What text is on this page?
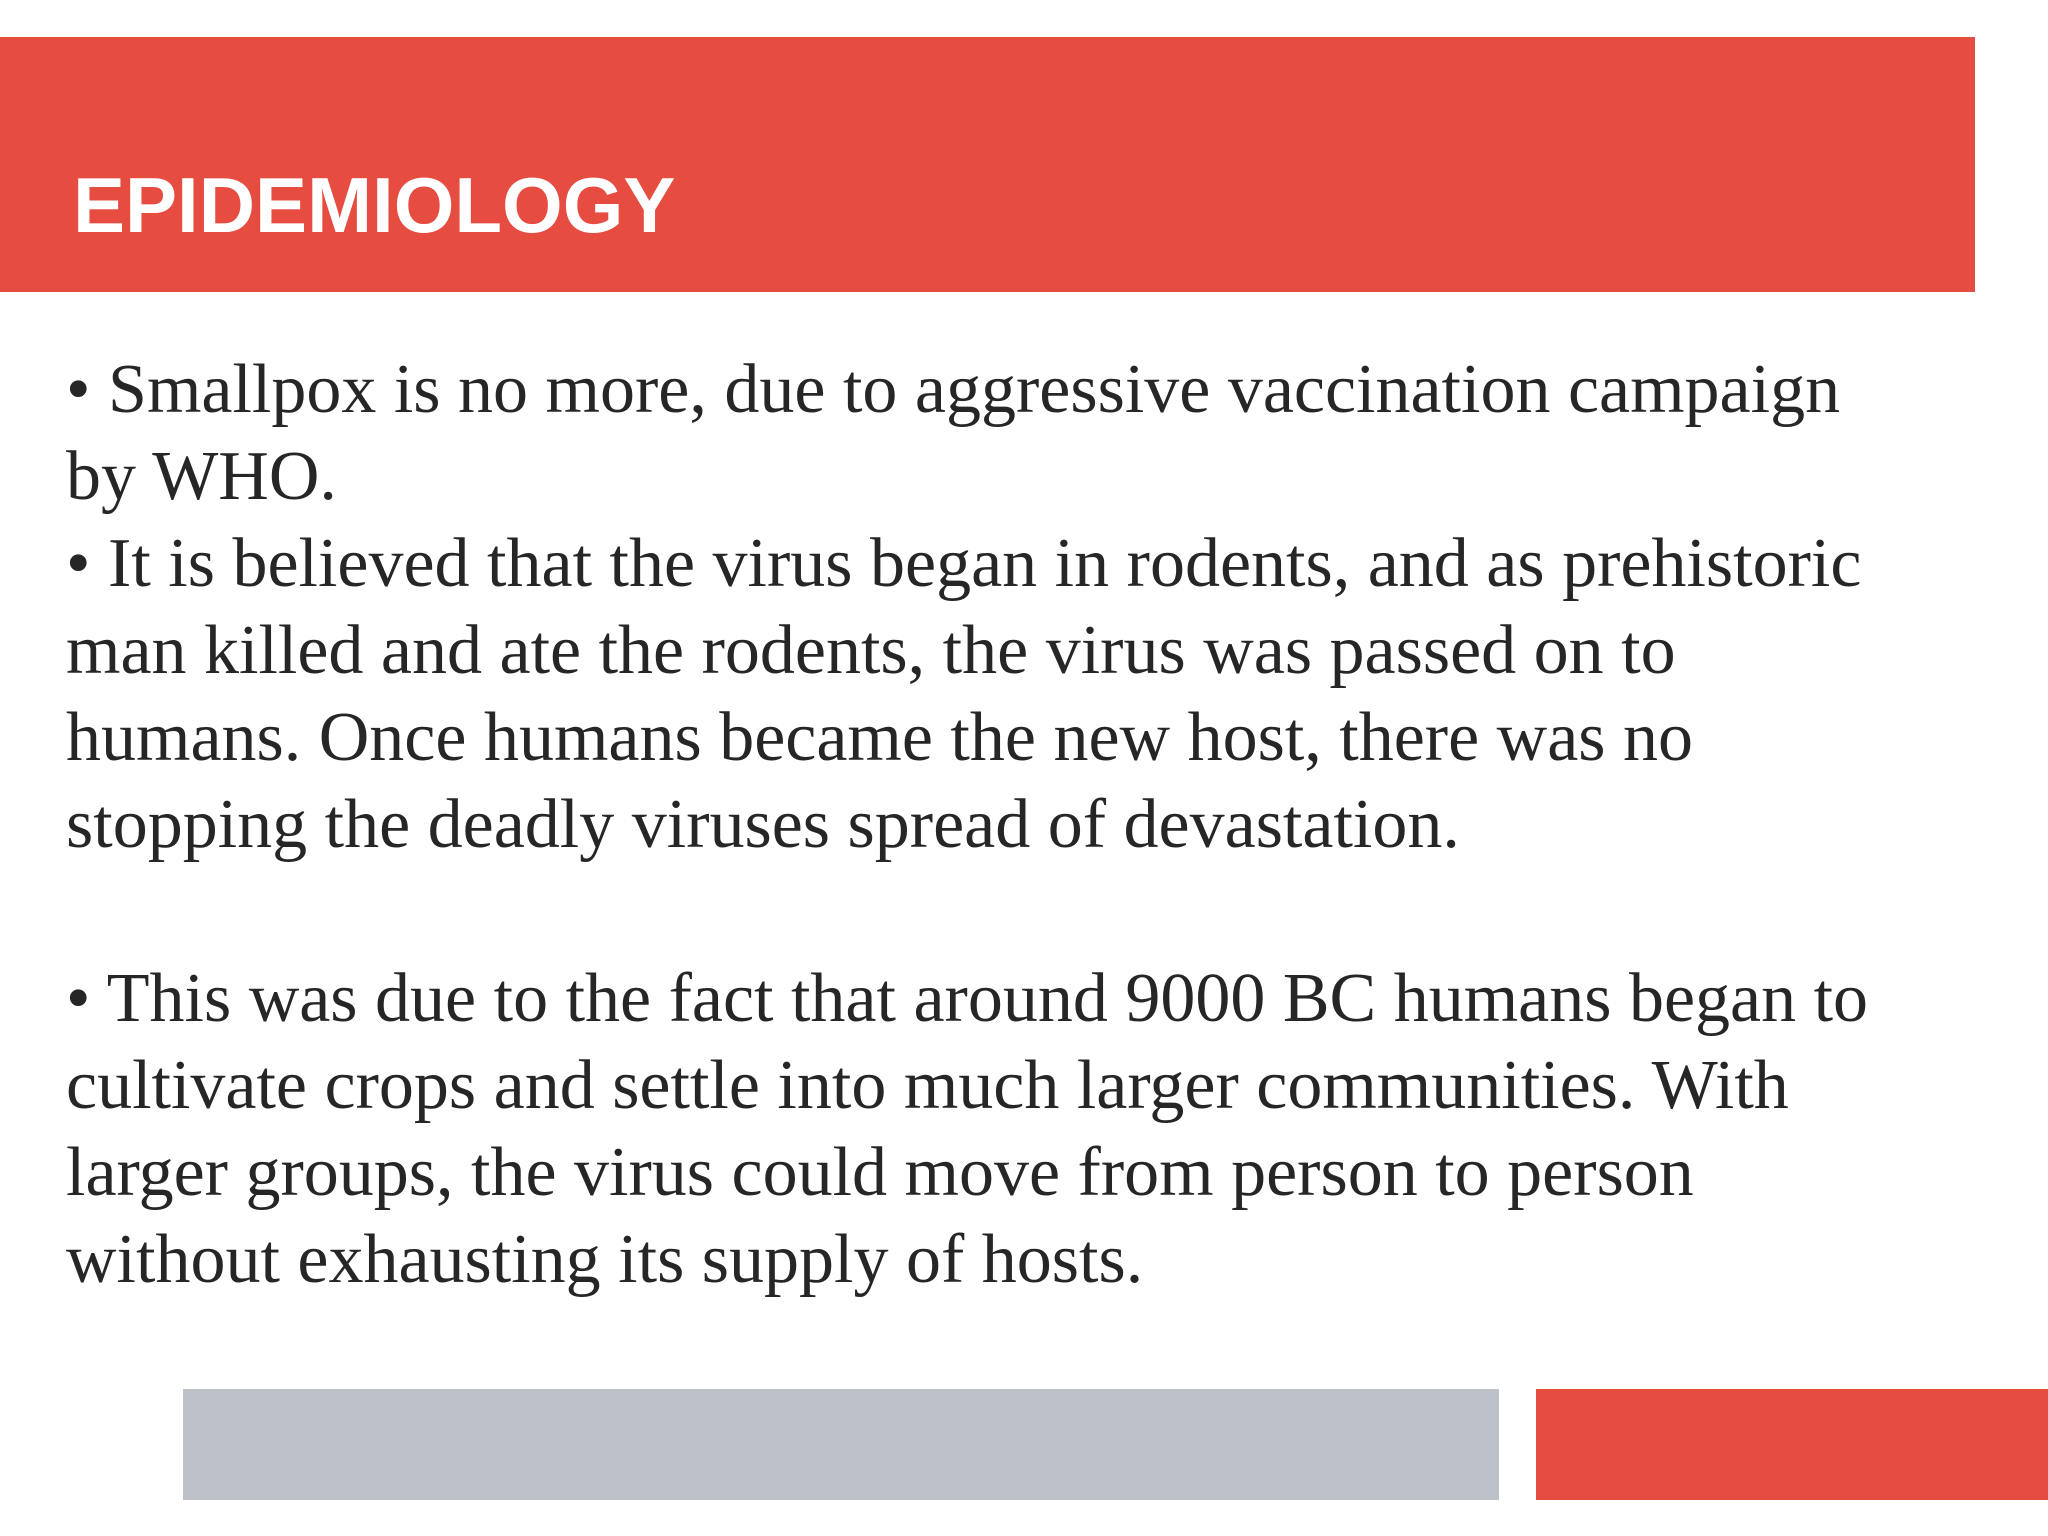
EPIDEMIOLOGY

• Smallpox is no more, due to aggressive vaccination campaign

by WHO.

• It is believed that the virus began in rodents, and as prehistoric

man killed and ate the rodents, the virus was passed on to

humans. Once humans became the new host, there was no

stopping the deadly viruses spread of devastation.

• This was due to the fact that around 9000 BC humans began to

cultivate crops and settle into much larger communities. With

larger groups, the virus could move from person to person

without exhausting its supply of hosts.
